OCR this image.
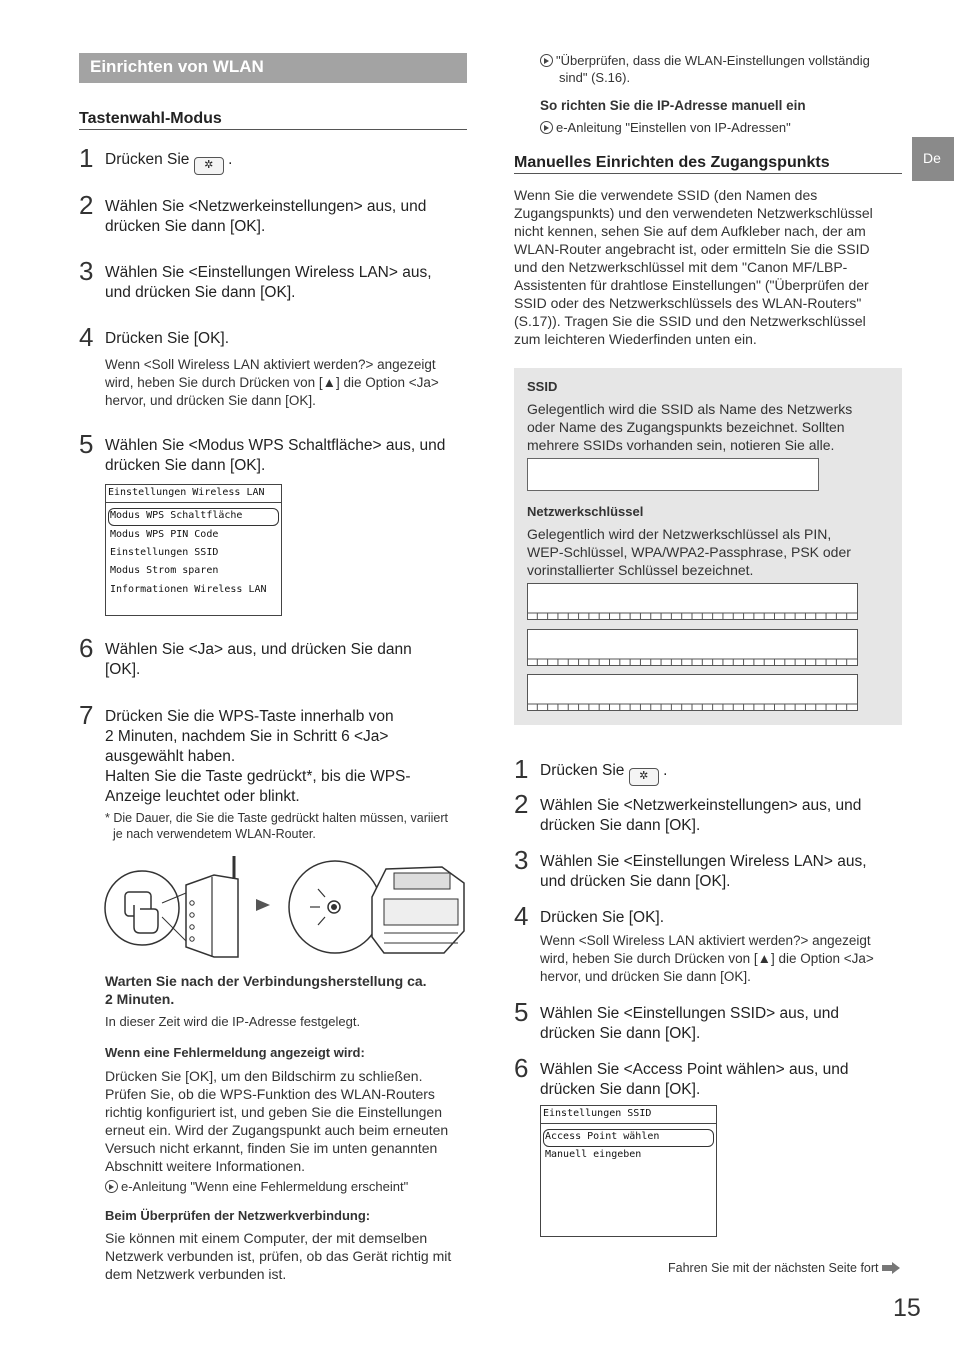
De
Einrichten von WLAN
Tastenwahl-Modus
1 Drücken Sie ✲ .
2 Wählen Sie <Netzwerkeinstellungen> aus, und
drücken Sie dann [OK].
3 Wählen Sie <Einstellungen Wireless LAN> aus,
und drücken Sie dann [OK].
4 Drücken Sie [OK].
Wenn <Soll Wireless LAN aktiviert werden?> angezeigt
wird, heben Sie durch Drücken von [▲] die Option <Ja>
hervor, und drücken Sie dann [OK].
5 Wählen Sie <Modus WPS Schaltfläche> aus, und
drücken Sie dann [OK].
Einstellungen Wireless LAN
Modus WPS Schaltfläche
Modus WPS PIN Code
Einstellungen SSID
Modus Strom sparen
Informationen Wireless LAN
6 Wählen Sie <Ja> aus, und drücken Sie dann
[OK].
7 Drücken Sie die WPS-Taste innerhalb von
2 Minuten, nachdem Sie in Schritt 6 <Ja>
ausgewählt haben.
Halten Sie die Taste gedrückt*, bis die WPS-
Anzeige leuchtet oder blinkt.
* Die Dauer, die Sie die Taste gedrückt halten müssen, variiert
je nach verwendetem WLAN-Router.
Warten Sie nach der Verbindungsherstellung ca.
2 Minuten.
In dieser Zeit wird die IP-Adresse festgelegt.
Wenn eine Fehlermeldung angezeigt wird:
Drücken Sie [OK], um den Bildschirm zu schließen.
Prüfen Sie, ob die WPS-Funktion des WLAN-Routers
richtig konfiguriert ist, und geben Sie die Einstellungen
erneut ein. Wird der Zugangspunkt auch beim erneuten
Versuch nicht erkannt, finden Sie im unten genannten
Abschnitt weitere Informationen.
e-Anleitung "Wenn eine Fehlermeldung erscheint"
Beim Überprüfen der Netzwerkverbindung:
Sie können mit einem Computer, der mit demselben
Netzwerk verbunden ist, prüfen, ob das Gerät richtig mit
dem Netzwerk verbunden ist.
"Überprüfen, dass die WLAN-Einstellungen vollständig
sind" (S.16).
So richten Sie die IP-Adresse manuell ein
e-Anleitung "Einstellen von IP-Adressen"
Manuelles Einrichten des Zugangspunkts
Wenn Sie die verwendete SSID (den Namen des
Zugangspunkts) und den verwendeten Netzwerkschlüssel
nicht kennen, sehen Sie auf dem Aufkleber nach, der am
WLAN-Router angebracht ist, oder ermitteln Sie die SSID
und den Netzwerkschlüssel mit dem "Canon MF/LBP-
Assistenten für drahtlose Einstellungen" ("Überprüfen der
SSID oder des Netzwerkschlüssels des WLAN-Routers"
(S.17)). Tragen Sie die SSID und den Netzwerkschlüssel
zum leichteren Wiederfinden unten ein.
SSID
Gelegentlich wird die SSID als Name des Netzwerks
oder Name des Zugangspunkts bezeichnet. Sollten
mehrere SSIDs vorhanden sein, notieren Sie alle.
Netzwerkschlüssel
Gelegentlich wird der Netzwerkschlüssel als PIN,
WEP-Schlüssel, WPA/WPA2-Passphrase, PSK oder
vorinstallierter Schlüssel bezeichnet.
1 Drücken Sie ✲ .
2 Wählen Sie <Netzwerkeinstellungen> aus, und
drücken Sie dann [OK].
3 Wählen Sie <Einstellungen Wireless LAN> aus,
und drücken Sie dann [OK].
4 Drücken Sie [OK].
Wenn <Soll Wireless LAN aktiviert werden?> angezeigt
wird, heben Sie durch Drücken von [▲] die Option <Ja>
hervor, und drücken Sie dann [OK].
5 Wählen Sie <Einstellungen SSID> aus, und
drücken Sie dann [OK].
6 Wählen Sie <Access Point wählen> aus, und
drücken Sie dann [OK].
Einstellungen SSID
Access Point wählen
Manuell eingeben
Fahren Sie mit der nächsten Seite fort
15
